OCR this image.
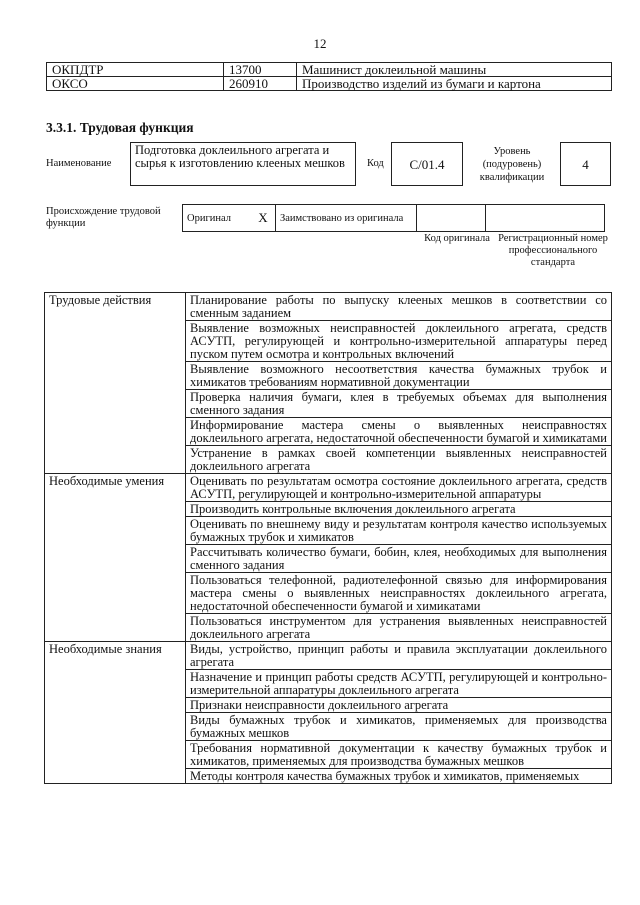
12
ОКПДТР	13700	Машинист доклеильной машины
ОКСО	260910	Производство изделий из бумаги и картона
3.3.1. Трудовая функция
Наименование
Подготовка доклеильного агрегата и сырья к изготовлению клееных мешков	Код	С/01.4
Уровень (подуровень) квалификации
4
Происхождение трудовой функции	Оригинал	X	Заимствовано из оригинала		
Код оригинала Регистрационный номер профессионального стандарта
Трудовые действия	Планирование работы по выпуску клееных мешков в соответствии со сменным заданием
	Выявление возможных неисправностей доклеильного агрегата, средств АСУТП, регулирующей и контрольно-измерительной аппаратуры перед пуском путем осмотра и контрольных включений
	Выявление возможного несоответствия качества бумажных трубок и химикатов требованиям нормативной документации
	Проверка наличия бумаги, клея в требуемых объемах для выполнения сменного задания
	Информирование мастера смены о выявленных неисправностях доклеильного агрегата, недостаточной обеспеченности бумагой и химикатами
	Устранение в рамках своей компетенции выявленных неисправностей доклеильного агрегата
Необходимые умения	Оценивать по результатам осмотра состояние доклеильного агрегата, средств АСУТП, регулирующей и контрольно-измерительной аппаратуры
	Производить контрольные включения доклеильного агрегата
	Оценивать по внешнему виду и результатам контроля качество используемых бумажных трубок и химикатов
	Рассчитывать количество бумаги, бобин, клея, необходимых для выполнения сменного задания
	Пользоваться телефонной, радиотелефонной связью для информирования мастера смены о выявленных неисправностях доклеильного агрегата, недостаточной обеспеченности бумагой и химикатами
	Пользоваться инструментом для устранения выявленных неисправностей доклеильного агрегата
Необходимые знания	Виды, устройство, принцип работы и правила эксплуатации доклеильного агрегата
	Назначение и принцип работы средств АСУТП, регулирующей и контрольно-измерительной аппаратуры доклеильного агрегата
	Признаки неисправности доклеильного агрегата
	Виды бумажных трубок и химикатов, применяемых для производства бумажных мешков
	Требования нормативной документации к качеству бумажных трубок и химикатов, применяемых для производства бумажных мешков
	Методы контроля качества бумажных трубок и химикатов, применяемых
